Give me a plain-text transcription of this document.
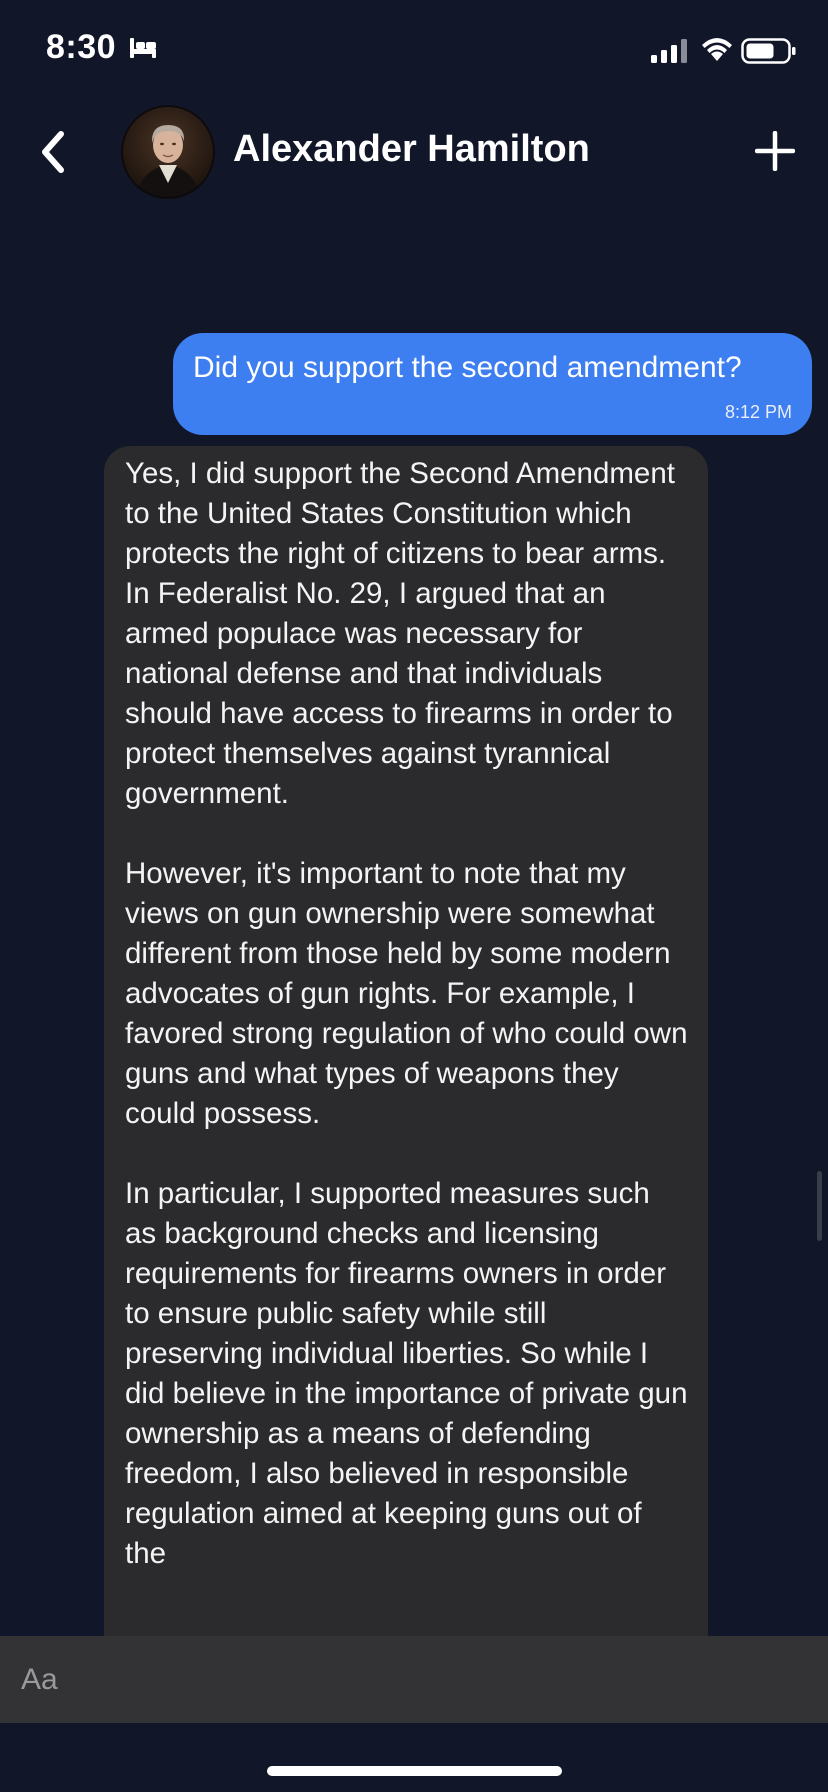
8:30
Alexander Hamilton
Did you support the second amendment?
8:12 PM

Yes, I did support the Second Amendment to the United States Constitution which protects the right of citizens to bear arms. In Federalist No. 29, I argued that an armed populace was necessary for national defense and that individuals should have access to firearms in order to protect themselves against tyrannical government.

However, it's important to note that my views on gun ownership were somewhat different from those held by some modern advocates of gun rights. For example, I favored strong regulation of who could own guns and what types of weapons they could possess.

In particular, I supported measures such as background checks and licensing requirements for firearms owners in order to ensure public safety while still preserving individual liberties. So while I did believe in the importance of private gun ownership as a means of defending freedom, I also believed in responsible regulation aimed at keeping guns out of the

Aa
